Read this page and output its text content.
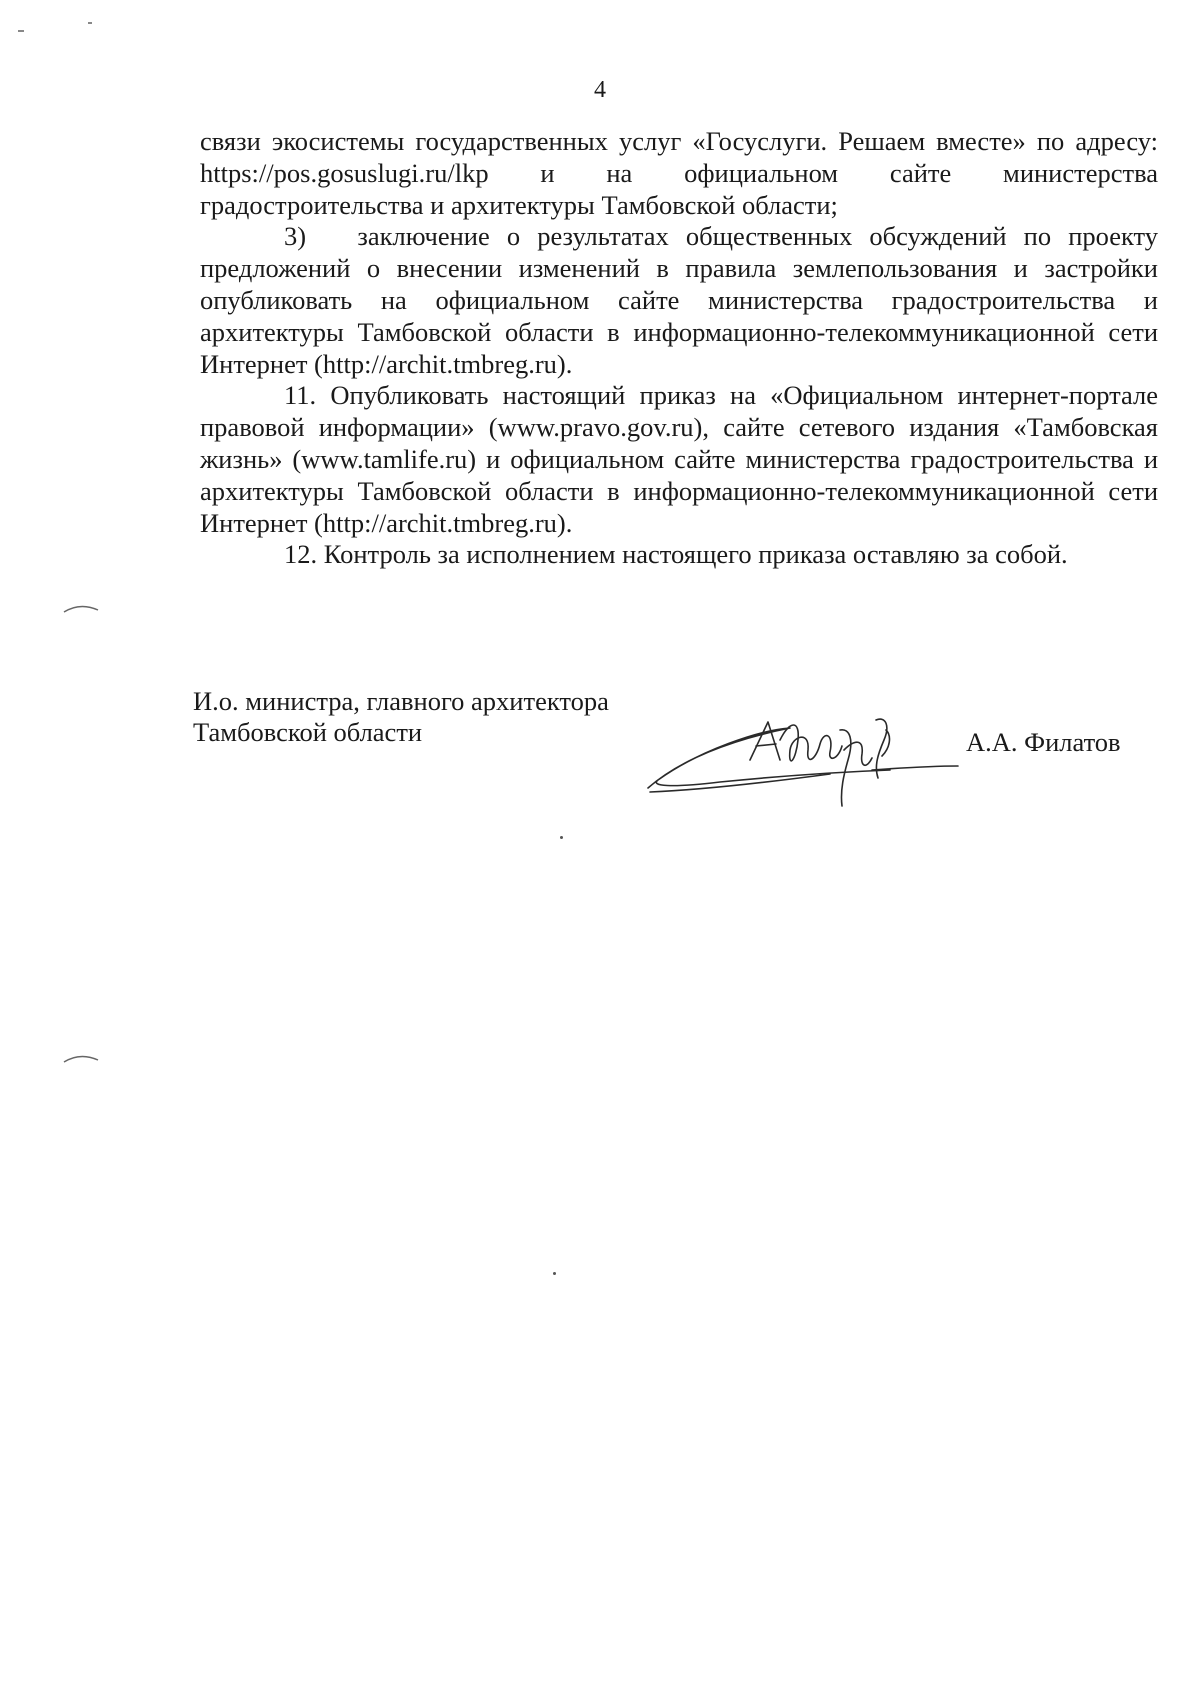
4

связи экосистемы государственных услуг «Госуслуги. Решаем вместе» по адресу: https://pos.gosuslugi.ru/lkp и на официальном сайте министерства градостроительства и архитектуры Тамбовской области;

3)   заключение о результатах общественных обсуждений по проекту предложений о внесении изменений в правила землепользования и застройки опубликовать на официальном сайте министерства градостроительства и архитектуры Тамбовской области в информационно-телекоммуникационной сети Интернет (http://archit.tmbreg.ru).

11. Опубликовать настоящий приказ на «Официальном интернет-портале правовой информации» (www.pravo.gov.ru), сайте сетевого издания «Тамбовская жизнь» (www.tamlife.ru) и официальном сайте министерства градостроительства и архитектуры Тамбовской области в информационно-телекоммуникационной сети Интернет (http://archit.tmbreg.ru).

12. Контроль за исполнением настоящего приказа оставляю за собой.

И.о. министра, главного архитектора
Тамбовской области	А.А. Филатов
